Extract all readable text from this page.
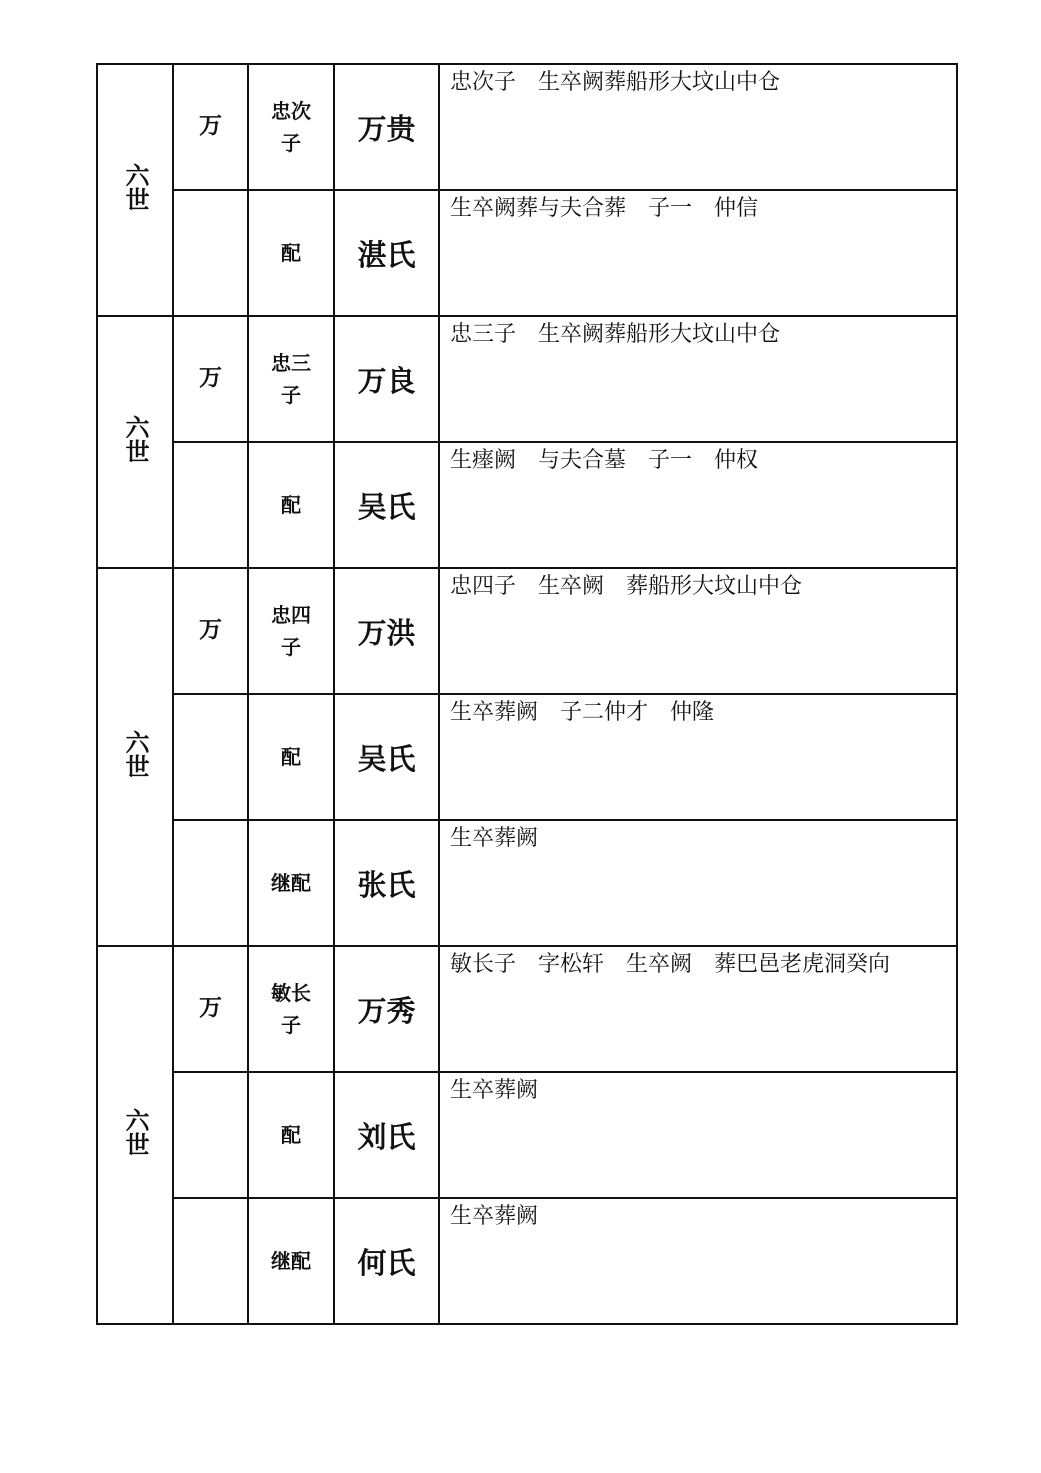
六世	万	忠次子	万贵	忠次子　生卒阙葬船形大坟山中仓
		配	湛氏	生卒阙葬与夫合葬　子一　仲信
六世	万	忠三子	万良	忠三子　生卒阙葬船形大坟山中仓
		配	吴氏	生瘗阙　与夫合墓　子一　仲权
六世	万	忠四子	万洪	忠四子　生卒阙　葬船形大坟山中仓
		配	吴氏	生卒葬阙　子二仲才　仲隆
		继配	张氏	生卒葬阙
六世	万	敏长子	万秀	敏长子　字松轩　生卒阙　葬巴邑老虎洞癸向
		配	刘氏	生卒葬阙
		继配	何氏	生卒葬阙
